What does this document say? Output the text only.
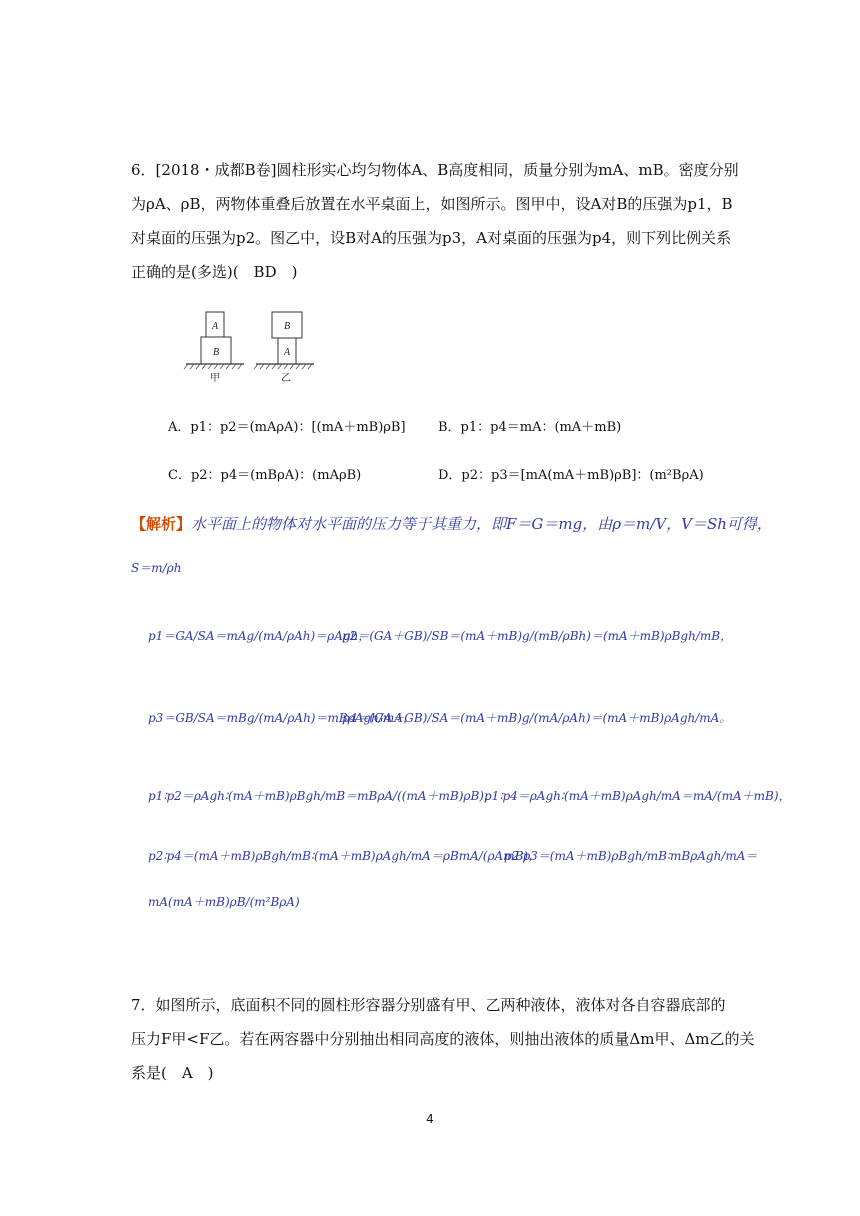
6．[2018・成都B卷]圆柱形实心均匀物体A、B高度相同，质量分别为mA、mB。密度分别
为ρA、ρB，两物体重叠后放置在水平桌面上，如图所示。图甲中，设A对B的压强为p1，B
对桌面的压强为p2。图乙中，设B对A的压强为p3，A对桌面的压强为p4，则下列比例关系
正确的是(多选)(　BD　)
A
B
B
A
甲	乙
A．p1：p2＝(mAρA)：[(mA＋mB)ρB] B．p1：p4＝mA：(mA＋mB)
C．p2：p4＝(mBρA)：(mAρB)	D．p2：p3＝[mA(mA＋mB)ρB]：(m²BρA)
【解析】水平面上的物体对水平面的压力等于其重力，即F＝G＝mg，由ρ＝m/V，V＝Sh可得，
S＝m/ρh
p1＝GA/SA＝mAg/(mA/ρAh)＝ρAgh，
p2＝(GA＋GB)/SB＝(mA＋mB)g/(mB/ρBh)＝(mA＋mB)ρBgh/mB，
p3＝GB/SA＝mBg/(mA/ρAh)＝mBρAgh/mA，
p4＝(GA＋GB)/SA＝(mA＋mB)g/(mA/ρAh)＝(mA＋mB)ρAgh/mA。
p1∶p2＝ρAgh∶(mA＋mB)ρBgh/mB＝mBρA/((mA＋mB)ρB)，
p1∶p4＝ρAgh∶(mA＋mB)ρAgh/mA＝mA/(mA＋mB)，
p2∶p4＝(mA＋mB)ρBgh/mB∶(mA＋mB)ρAgh/mA＝ρBmA/(ρAmB)，
p2∶p3＝(mA＋mB)ρBgh/mB∶mBρAgh/mA＝
mA(mA＋mB)ρB/(m²BρA)
7．如图所示，底面积不同的圆柱形容器分别盛有甲、乙两种液体，液体对各自容器底部的
压力F甲<F乙。若在两容器中分别抽出相同高度的液体，则抽出液体的质量Δm甲、Δm乙的关
系是(　A　)
4
